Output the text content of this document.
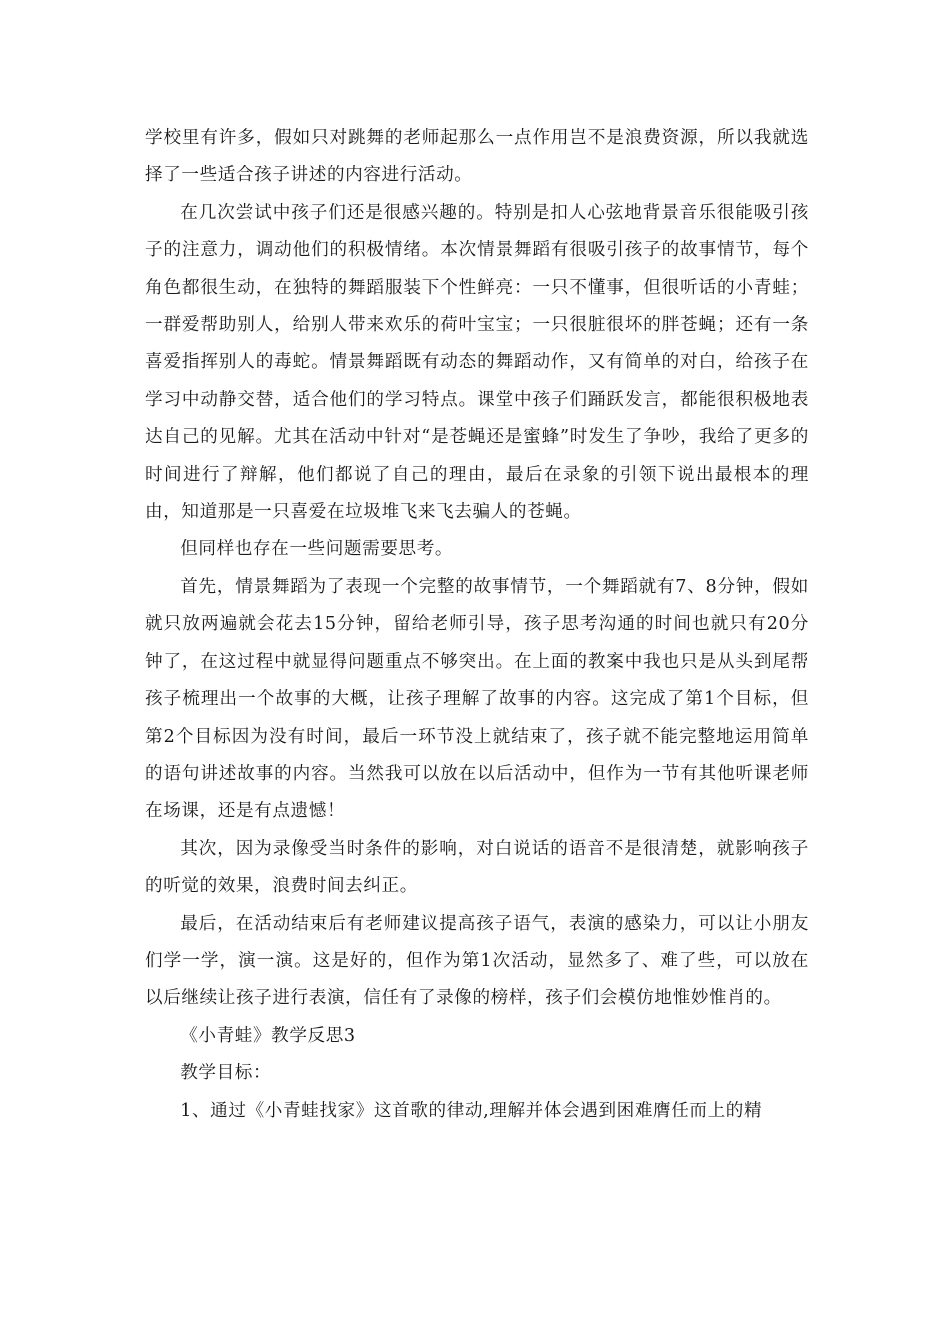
学校里有许多，假如只对跳舞的老师起那么一点作用岂不是浪费资源，所以我就选择了一些适合孩子讲述的内容进行活动。

在几次尝试中孩子们还是很感兴趣的。特别是扣人心弦地背景音乐很能吸引孩子的注意力，调动他们的积极情绪。本次情景舞蹈有很吸引孩子的故事情节，每个角色都很生动，在独特的舞蹈服装下个性鲜亮：一只不懂事，但很听话的小青蛙；一群爱帮助别人，给别人带来欢乐的荷叶宝宝；一只很脏很坏的胖苍蝇；还有一条喜爱指挥别人的毒蛇。情景舞蹈既有动态的舞蹈动作，又有简单的对白，给孩子在学习中动静交替，适合他们的学习特点。课堂中孩子们踊跃发言，都能很积极地表达自己的见解。尤其在活动中针对“是苍蝇还是蜜蜂”时发生了争吵，我给了更多的时间进行了辩解，他们都说了自己的理由，最后在录象的引领下说出最根本的理由，知道那是一只喜爱在垃圾堆飞来飞去骗人的苍蝇。

但同样也存在一些问题需要思考。

首先，情景舞蹈为了表现一个完整的故事情节，一个舞蹈就有7、8分钟，假如就只放两遍就会花去15分钟，留给老师引导，孩子思考沟通的时间也就只有20分钟了，在这过程中就显得问题重点不够突出。在上面的教案中我也只是从头到尾帮孩子梳理出一个故事的大概，让孩子理解了故事的内容。这完成了第1个目标，但第2个目标因为没有时间，最后一环节没上就结束了，孩子就不能完整地运用简单的语句讲述故事的内容。当然我可以放在以后活动中，但作为一节有其他听课老师在场课，还是有点遗憾！

其次，因为录像受当时条件的影响，对白说话的语音不是很清楚，就影响孩子的听觉的效果，浪费时间去纠正。

最后，在活动结束后有老师建议提高孩子语气，表演的感染力，可以让小朋友们学一学，演一演。这是好的，但作为第1次活动，显然多了、难了些，可以放在以后继续让孩子进行表演，信任有了录像的榜样，孩子们会模仿地惟妙惟肖的。

《小青蛙》教学反思3

教学目标：

1、通过《小青蛙找家》这首歌的律动,理解并体会遇到困难膺任而上的精
